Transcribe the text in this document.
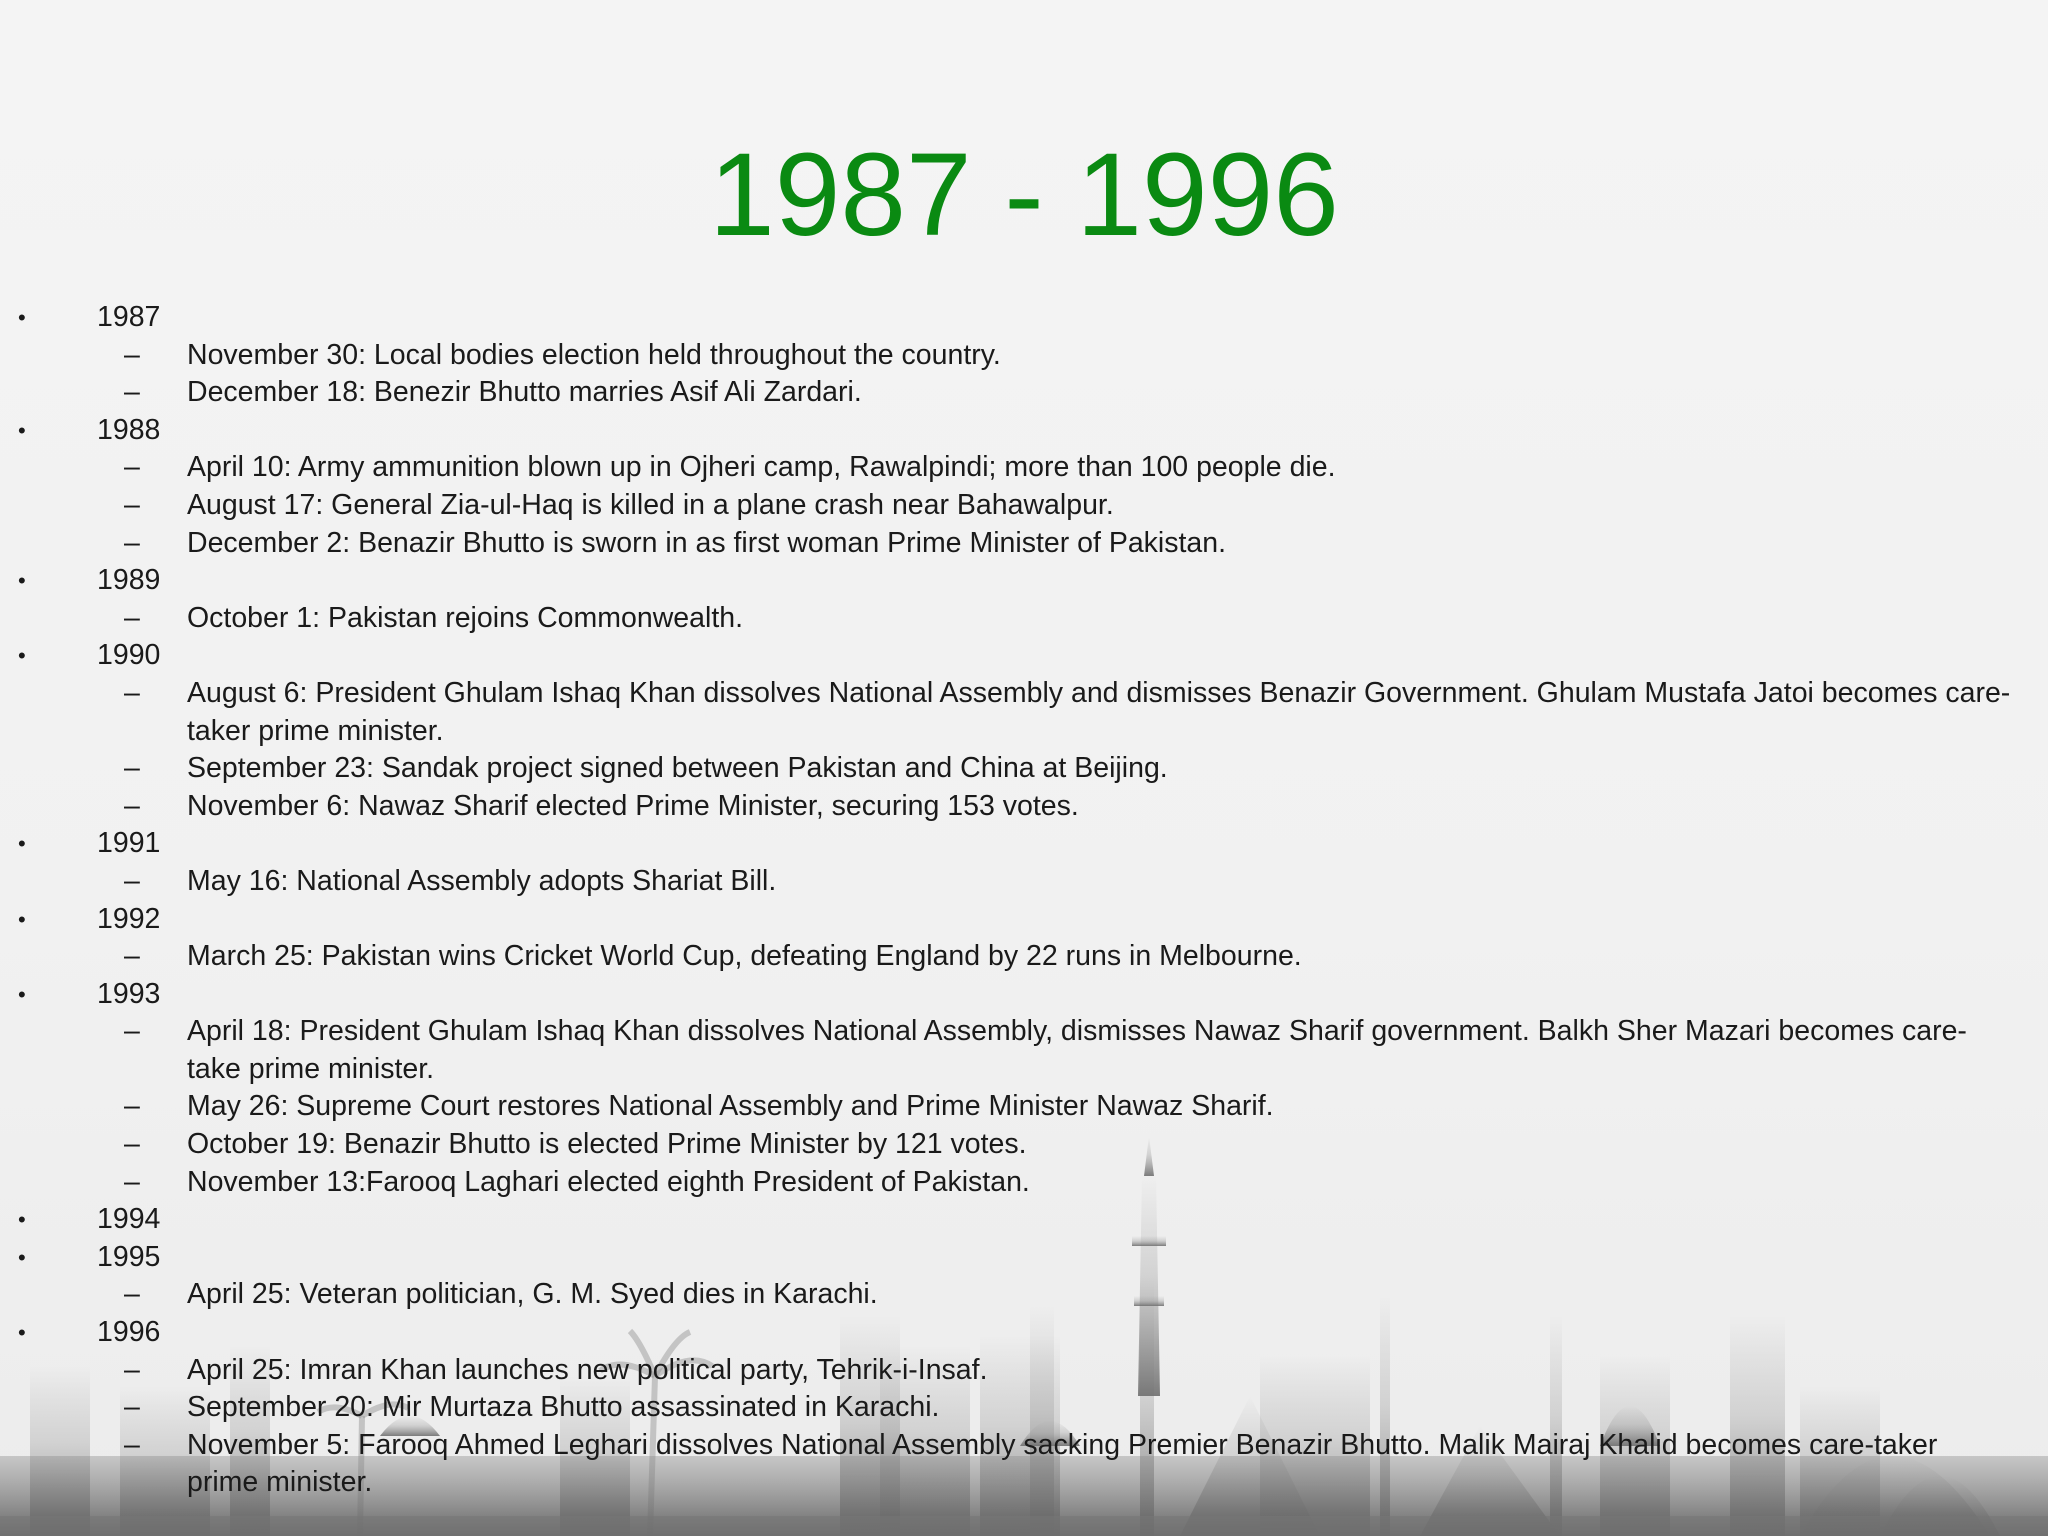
1987 - 1996
•	1987
– November 30: Local bodies election held throughout the country.
– December 18: Benezir Bhutto marries Asif Ali Zardari.
•	1988
– April 10: Army ammunition blown up in Ojheri camp, Rawalpindi; more than 100 people die.
– August 17: General Zia-ul-Haq is killed in a plane crash near Bahawalpur.
– December 2: Benazir Bhutto is sworn in as first woman Prime Minister of Pakistan.
•	1989
– October 1: Pakistan rejoins Commonwealth.
•	1990
– August 6: President Ghulam Ishaq Khan dissolves National Assembly and dismisses Benazir Government. Ghulam Mustafa Jatoi becomes care-taker prime minister.
– September 23: Sandak project signed between Pakistan and China at Beijing.
– November 6: Nawaz Sharif elected Prime Minister, securing 153 votes.
•	1991
– May 16: National Assembly adopts Shariat Bill.
•	1992
– March 25: Pakistan wins Cricket World Cup, defeating England by 22 runs in Melbourne.
•	1993
– April 18: President Ghulam Ishaq Khan dissolves National Assembly, dismisses Nawaz Sharif government. Balkh Sher Mazari becomes care-take prime minister.
– May 26: Supreme Court restores National Assembly and Prime Minister Nawaz Sharif.
– October 19: Benazir Bhutto is elected Prime Minister by 121 votes.
– November 13:Farooq Laghari elected eighth President of Pakistan.
•	1994
•	1995
– April 25: Veteran politician, G. M. Syed dies in Karachi.
•	1996
– April 25: Imran Khan launches new political party, Tehrik-i-Insaf.
– September 20: Mir Murtaza Bhutto assassinated in Karachi.
– November 5: Farooq Ahmed Leghari dissolves National Assembly sacking Premier Benazir Bhutto. Malik Mairaj Khalid becomes care-taker prime minister.
